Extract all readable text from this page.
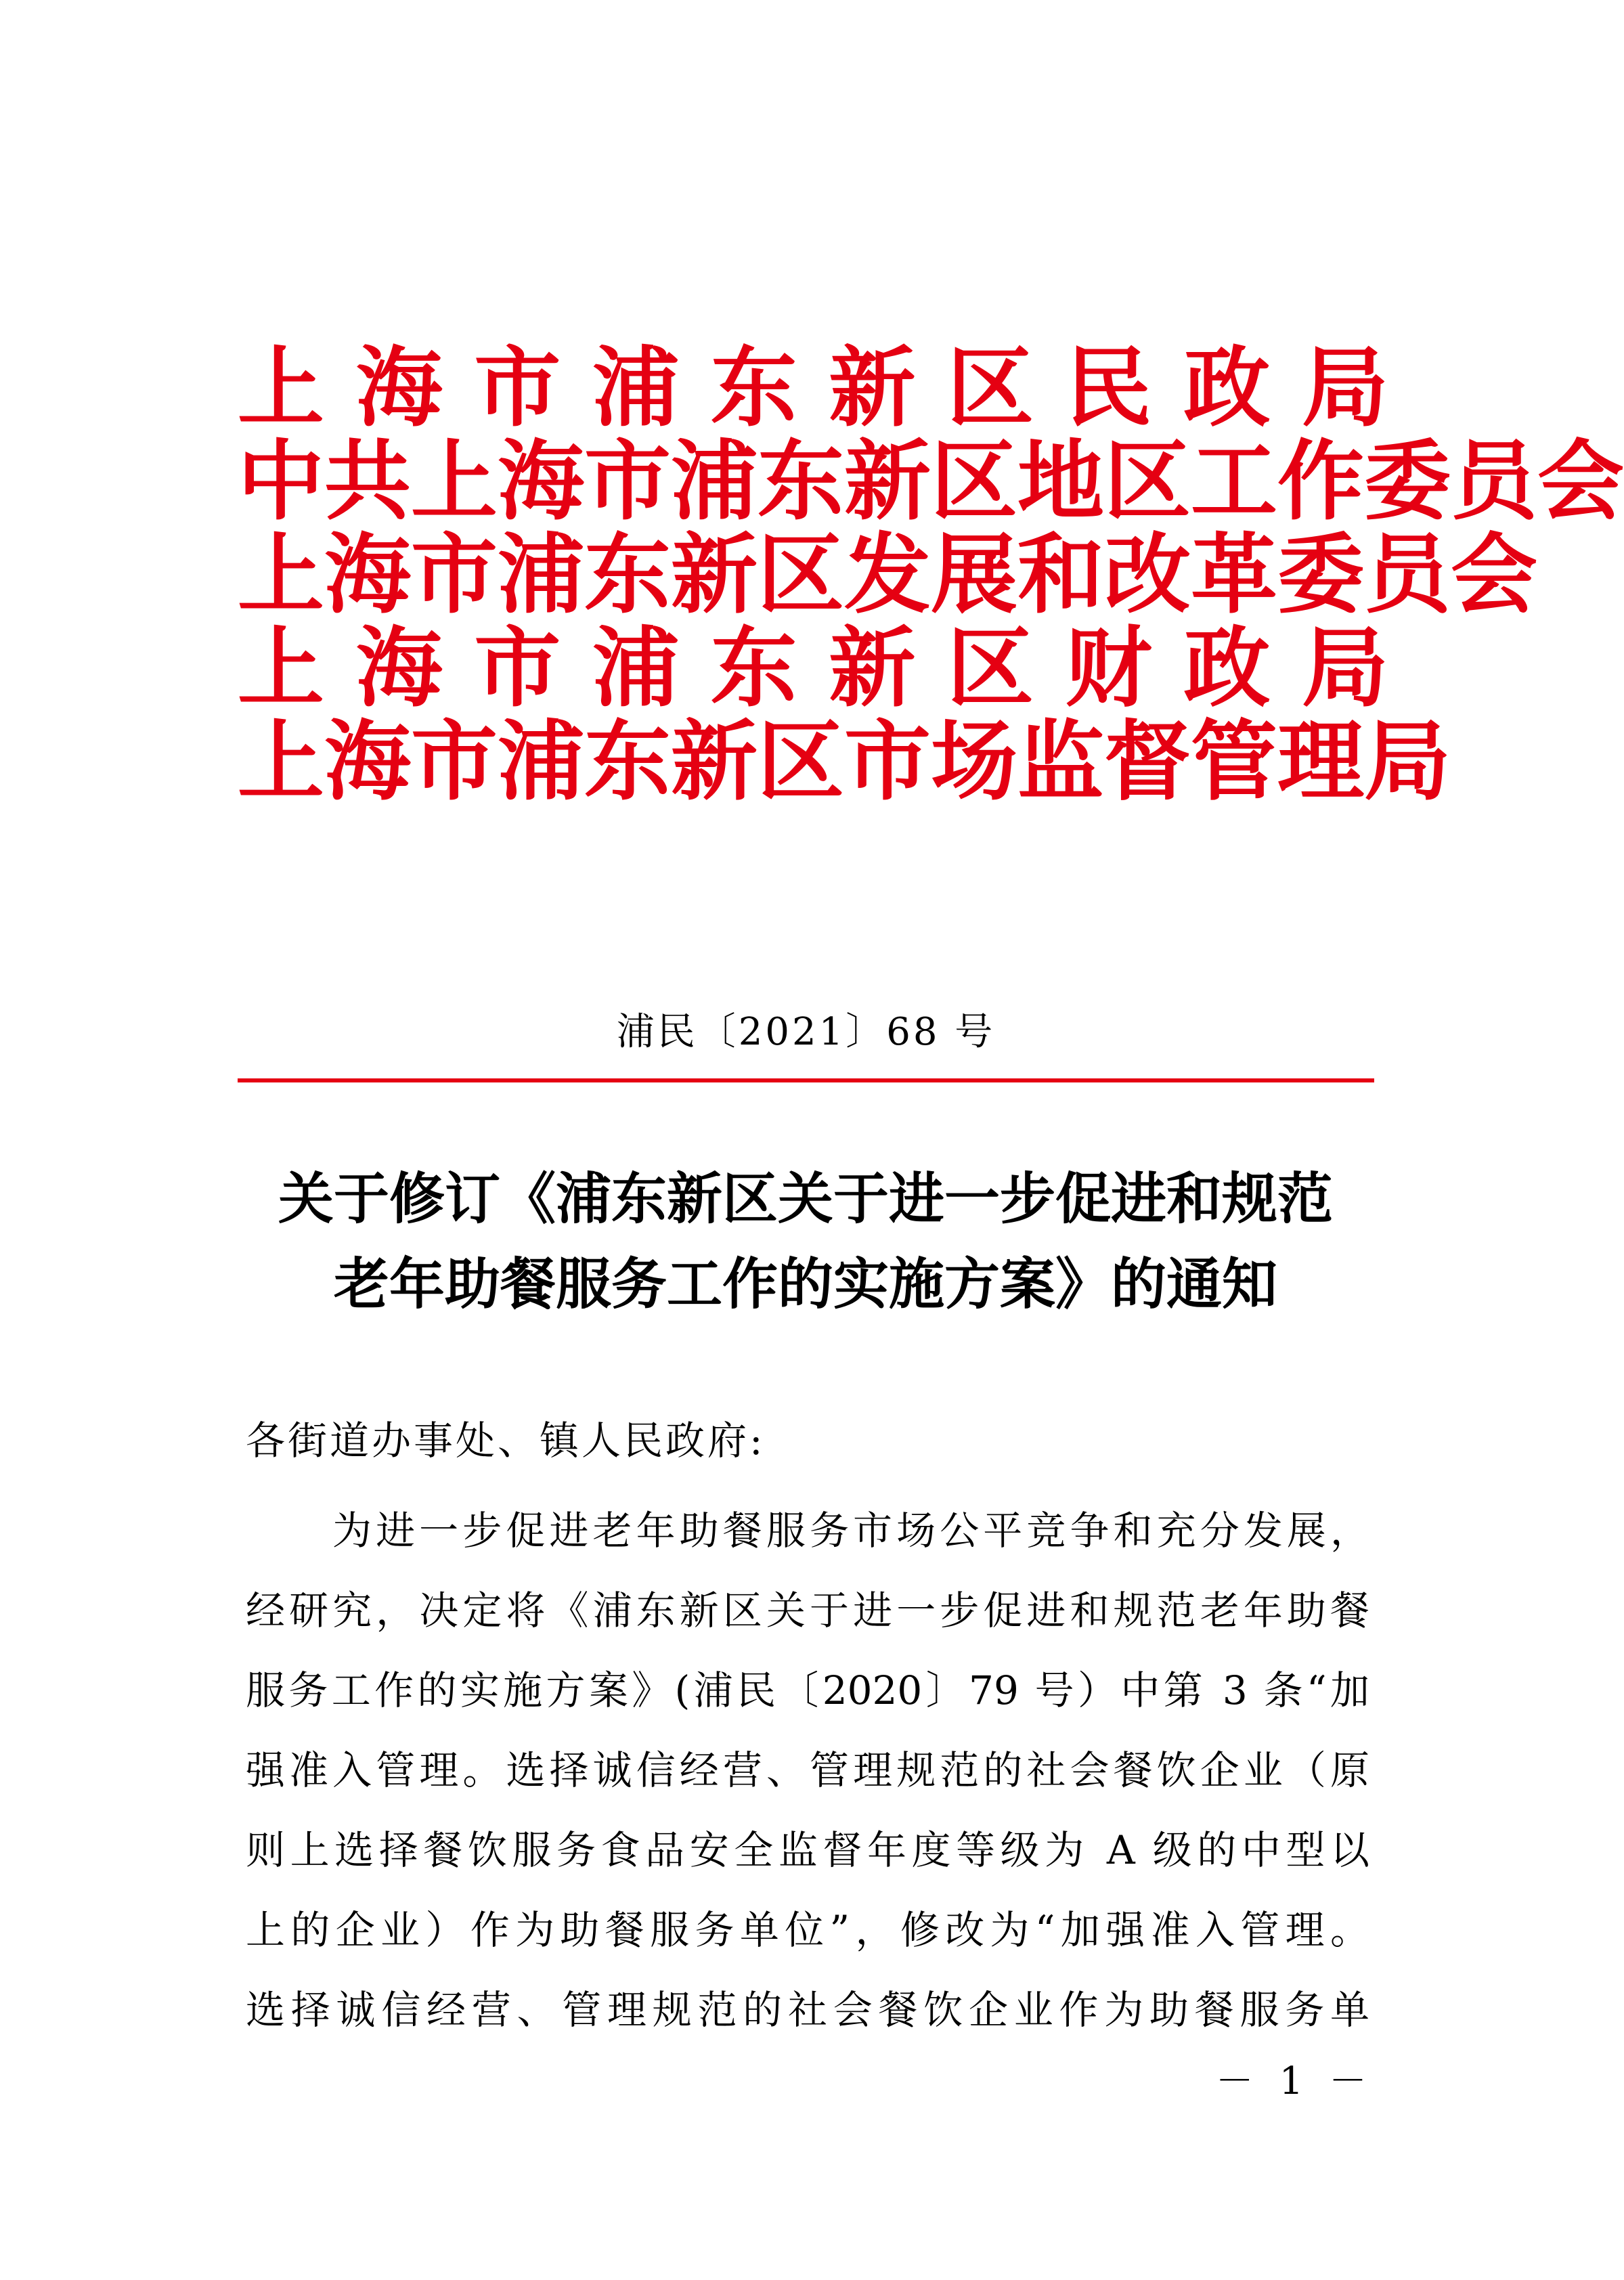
上海市浦东新区民政局
中共上海市浦东新区地区工作委员会
上海市浦东新区发展和改革委员会
上海市浦东新区财政局
上海市浦东新区市场监督管理局
浦民〔2021〕68 号
关于修订《浦东新区关于进一步促进和规范
老年助餐服务工作的实施方案》的通知
各街道办事处、镇人民政府:
为进一步促进老年助餐服务市场公平竞争和充分发展，
经研究，决定将《浦东新区关于进一步促进和规范老年助餐
服务工作的实施方案》(浦民〔2020〕79 号）中第 3 条“加
强准入管理。选择诚信经营、管理规范的社会餐饮企业（原
则上选择餐饮服务食品安全监督年度等级为 A 级的中型以
上的企业）作为助餐服务单位”，修改为“加强准入管理。
选择诚信经营、管理规范的社会餐饮企业作为助餐服务单
－ 1 －
